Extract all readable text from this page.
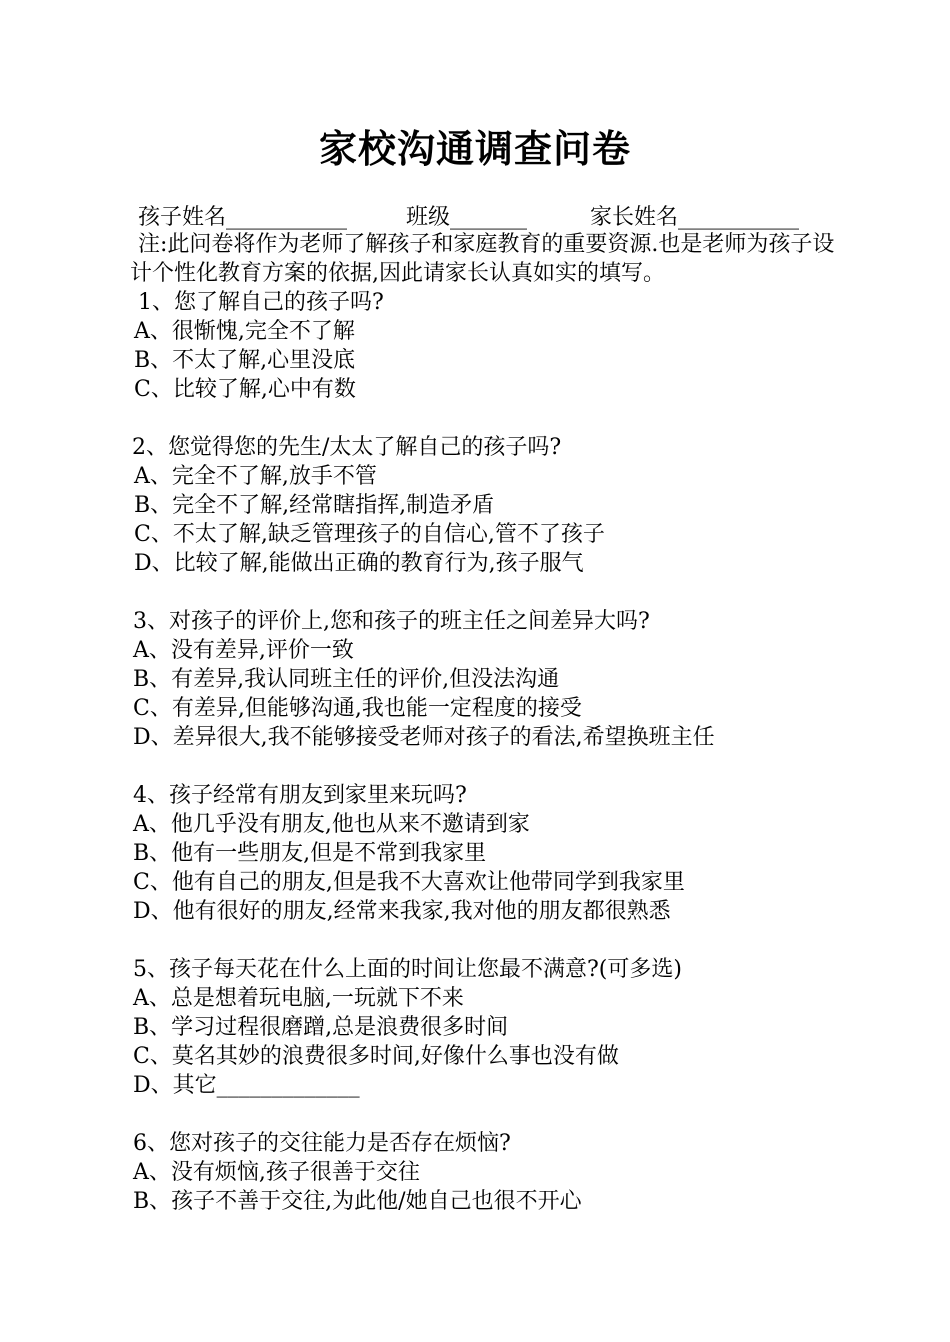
家校沟通调查问卷

孩子姓名___________

	班级_______

	家长姓名___________

注:此问卷将作为老师了解孩子和家庭教育的重要资源.也是老师为孩子设计个性化教育方案的依据,因此请家长认真如实的填写。

1、您了解自己的孩子吗?

A、很惭愧,完全不了解

B、不太了解,心里没底

C、比较了解,心中有数

2、您觉得您的先生/太太了解自己的孩子吗?

A、完全不了解,放手不管

B、完全不了解,经常瞎指挥,制造矛盾

C、不太了解,缺乏管理孩子的自信心,管不了孩子

D、比较了解,能做出正确的教育行为,孩子服气

3、对孩子的评价上,您和孩子的班主任之间差异大吗?

A、没有差异,评价一致

B、有差异,我认同班主任的评价,但没法沟通

C、有差异,但能够沟通,我也能一定程度的接受

D、差异很大,我不能够接受老师对孩子的看法,希望换班主任

4、孩子经常有朋友到家里来玩吗?

A、他几乎没有朋友,他也从来不邀请到家

B、他有一些朋友,但是不常到我家里

C、他有自己的朋友,但是我不大喜欢让他带同学到我家里

D、他有很好的朋友,经常来我家,我对他的朋友都很熟悉

5、孩子每天花在什么上面的时间让您最不满意?(可多选)

A、总是想着玩电脑,一玩就下不来

B、学习过程很磨蹭,总是浪费很多时间

C、莫名其妙的浪费很多时间,好像什么事也没有做

D、其它_____________

6、您对孩子的交往能力是否存在烦恼?

A、没有烦恼,孩子很善于交往

B、孩子不善于交往,为此他/她自己也很不开心
